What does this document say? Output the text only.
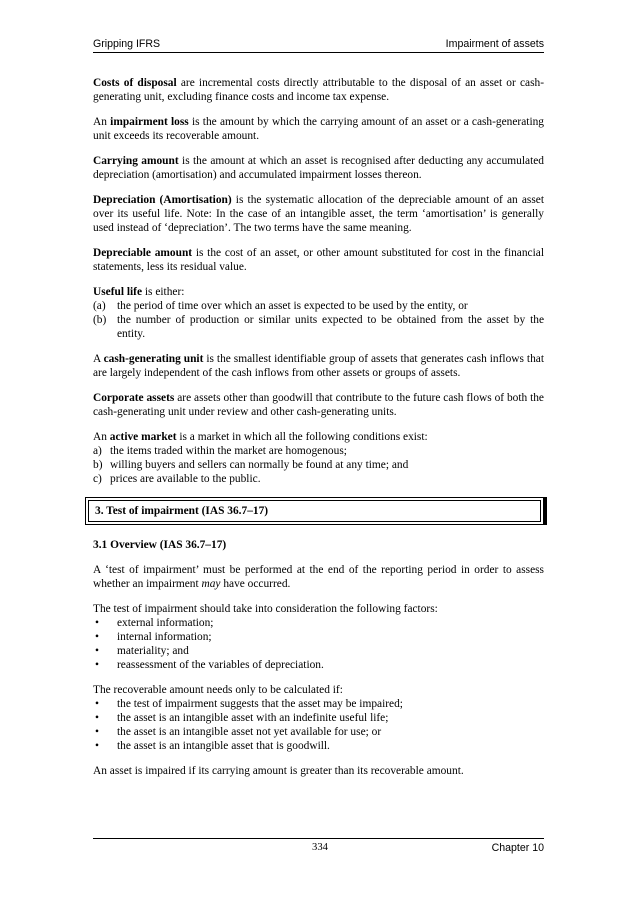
Gripping IFRS	Impairment of assets

Costs of disposal are incremental costs directly attributable to the disposal of an asset or cash-generating unit, excluding finance costs and income tax expense.

An impairment loss is the amount by which the carrying amount of an asset or a cash-generating unit exceeds its recoverable amount.

Carrying amount is the amount at which an asset is recognised after deducting any accumulated depreciation (amortisation) and accumulated impairment losses thereon.

Depreciation (Amortisation) is the systematic allocation of the depreciable amount of an asset over its useful life. Note: In the case of an intangible asset, the term ‘amortisation’ is generally used instead of ‘depreciation’. The two terms have the same meaning.

Depreciable amount is the cost of an asset, or other amount substituted for cost in the financial statements, less its residual value.

Useful life is either:

(a) the period of time over which an asset is expected to be used by the entity, or
(b) the number of production or similar units expected to be obtained from the asset by the entity.

A cash-generating unit is the smallest identifiable group of assets that generates cash inflows that are largely independent of the cash inflows from other assets or groups of assets.

Corporate assets are assets other than goodwill that contribute to the future cash flows of both the cash-generating unit under review and other cash-generating units.

An active market is a market in which all the following conditions exist:

a) the items traded within the market are homogenous;
b) willing buyers and sellers can normally be found at any time; and
c) prices are available to the public.
3. Test of impairment (IAS 36.7–17)
3.1 Overview (IAS 36.7–17)

A ‘test of impairment’ must be performed at the end of the reporting period in order to assess whether an impairment may have occurred.

The test of impairment should take into consideration the following factors:

•	external information;
•	internal information;
•	materiality; and
•	reassessment of the variables of depreciation.

The recoverable amount needs only to be calculated if:

•	the test of impairment suggests that the asset may be impaired;
•	the asset is an intangible asset with an indefinite useful life;
•	the asset is an intangible asset not yet available for use; or
•	the asset is an intangible asset that is goodwill.

An asset is impaired if its carrying amount is greater than its recoverable amount.

334	Chapter 10
